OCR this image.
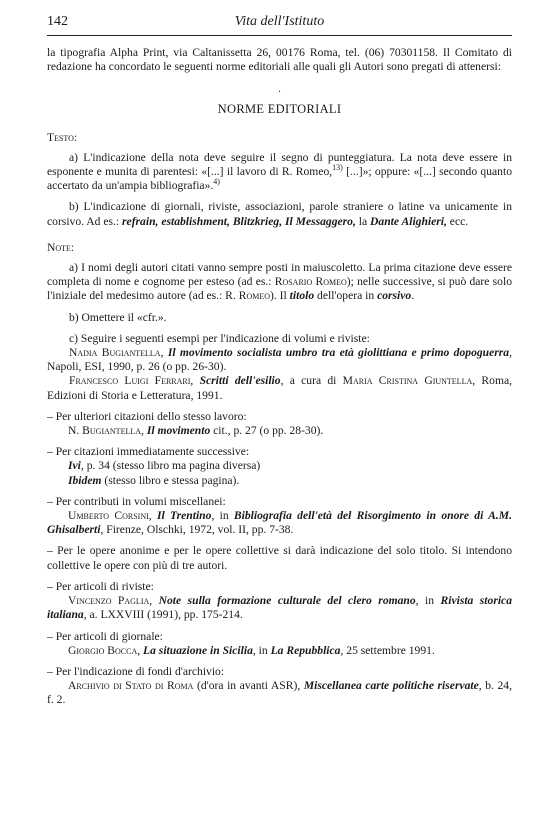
142	Vita dell'Istituto

la tipografia Alpha Print, via Caltanissetta 26, 00176 Roma, tel. (06) 70301158. Il Comitato di redazione ha concordato le seguenti norme editoriali alle quali gli Autori sono pregati di attenersi:

·
NORME EDITORIALI
Testo:

a) L'indicazione della nota deve seguire il segno di punteggiatura. La nota deve essere in esponente e munita di parentesi: «[...] il lavoro di R. Romeo,$^{13)}$ [...]»; oppure: «[...] secondo quanto accertato da un'ampia bibliografia».$^{4)}$

b) L'indicazione di giornali, riviste, associazioni, parole straniere o latine va unicamente in corsivo. Ad es.: refrain, establishment, Blitzkrieg, Il Messaggero, la Dante Alighieri, ecc.

Note:

a) I nomi degli autori citati vanno sempre posti in maiuscoletto. La prima citazione deve essere completa di nome e cognome per esteso (ad es.: Rosario Romeo); nelle successive, si può dare solo l'iniziale del medesimo autore (ad es.: R. Romeo). Il titolo dell'opera in corsivo.

b) Omettere il «cfr.».

c) Seguire i seguenti esempi per l'indicazione di volumi e riviste:

Nadia Bugiantella, Il movimento socialista umbro tra età giolittiana e primo dopoguerra, Napoli, ESI, 1990, p. 26 (o pp. 26-30).

Francesco Luigi Ferrari, Scritti dell'esilio, a cura di Maria Cristina Giuntella, Roma, Edizioni di Storia e Letteratura, 1991.

– Per ulteriori citazioni dello stesso lavoro:

N. Bugiantella, Il movimento cit., p. 27 (o pp. 28-30).

– Per citazioni immediatamente successive:

Ivi, p. 34 (stesso libro ma pagina diversa)

Ibidem (stesso libro e stessa pagina).

– Per contributi in volumi miscellanei:

Umberto Corsini, Il Trentino, in Bibliografia dell'età del Risorgimento in onore di A.M. Ghisalberti, Firenze, Olschki, 1972, vol. II, pp. 7-38.

– Per le opere anonime e per le opere collettive si darà indicazione del solo titolo. Si intendono collettive le opere con più di tre autori.

– Per articoli di riviste:

Vincenzo Paglia, Note sulla formazione culturale del clero romano, in Rivista storica italiana, a. LXXVIII (1991), pp. 175-214.

– Per articoli di giornale:

Giorgio Bocca, La situazione in Sicilia, in La Repubblica, 25 settembre 1991.

– Per l'indicazione di fondi d'archivio:

Archivio di Stato di Roma (d'ora in avanti ASR), Miscellanea carte politiche riservate, b. 24, f. 2.
